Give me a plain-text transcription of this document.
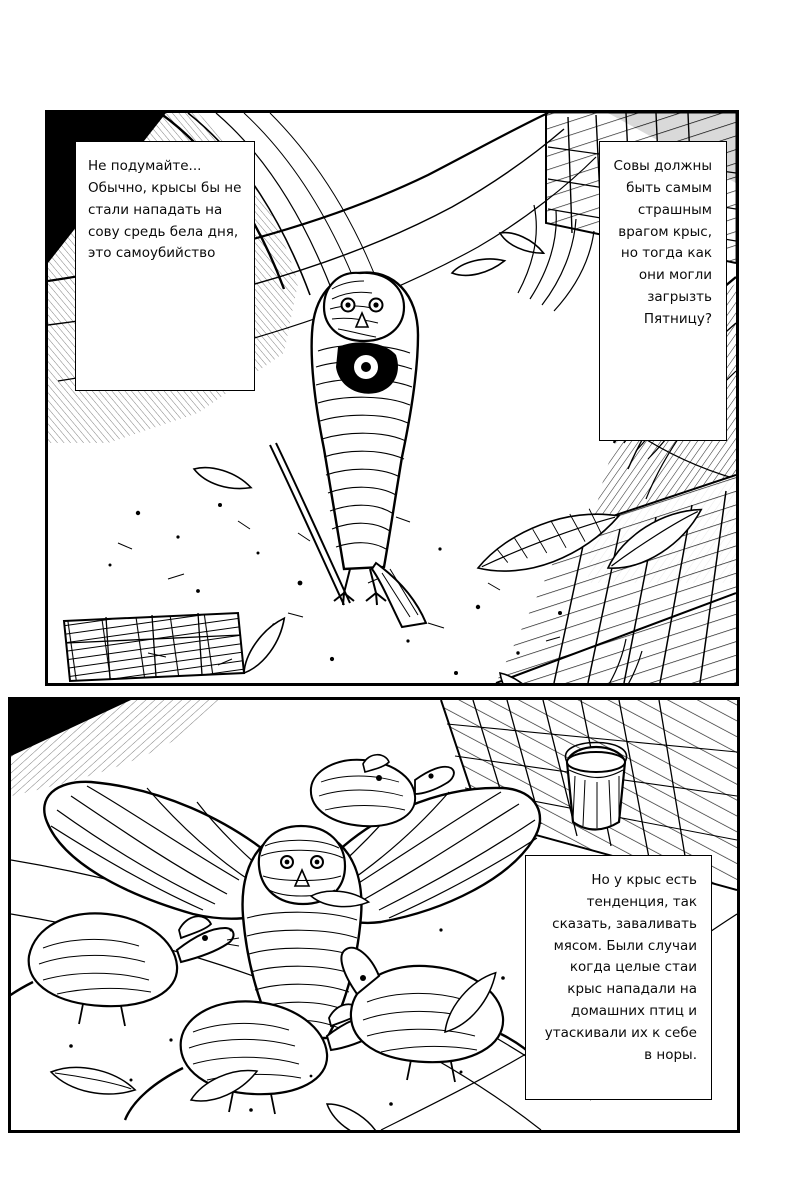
Не подумайте... Обычно, крысы бы не стали нападать на сову средь бела дня, это самоубийство

Совы должны быть самым страшным врагом крыс, но тогда как они могли загрызть Пятницу?

Но у крыс есть тенденция, так сказать, заваливать мясом. Были случаи когда целые стаи крыс нападали на домашних птиц и утаскивали их к себе в норы.
